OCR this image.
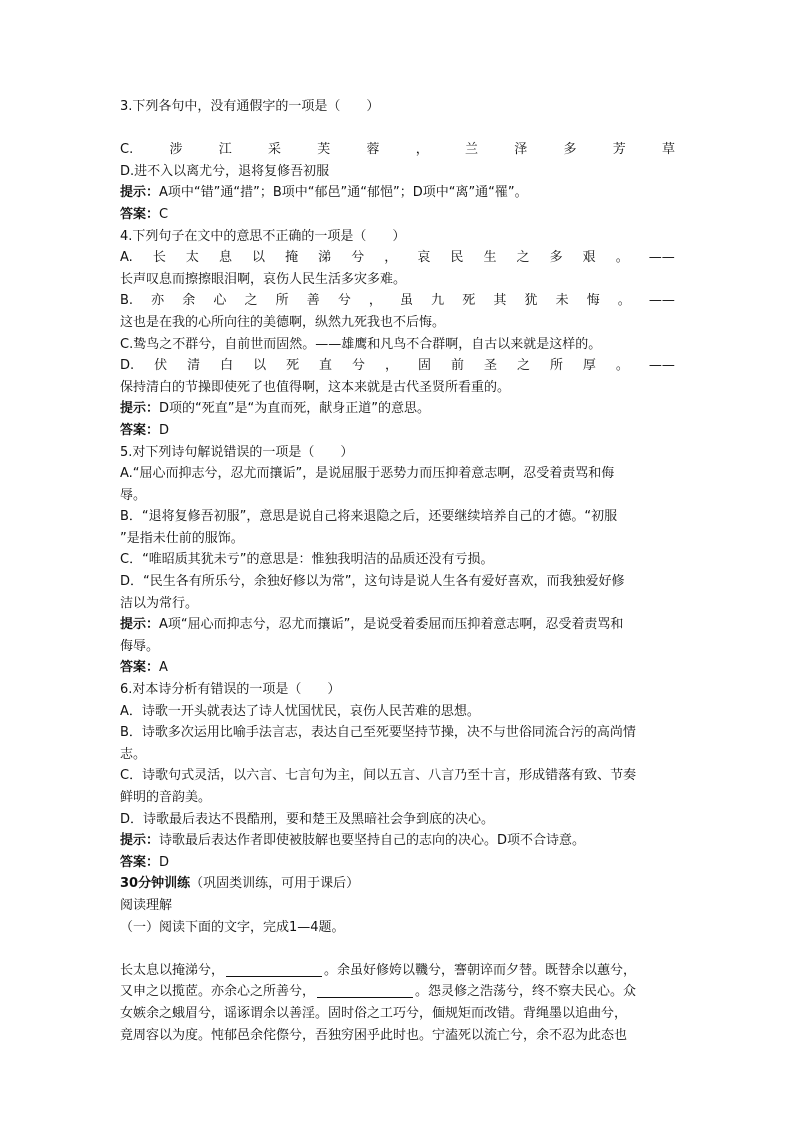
3.下列各句中，没有通假字的一项是（　　）
C.	涉	江	采	芙	蓉	，	兰	泽	多	芳	草
D.进不入以离尤兮，退将复修吾初服
提示：A项中“错”通“措”；B项中“郁邑”通“郁悒”；D项中“离”通“罹”。
答案：C
4.下列句子在文中的意思不正确的一项是（　　）
A. 长 太 息 以 掩 涕 兮 ， 哀 民 生 之 多 艰 。 ——
长声叹息而擦擦眼泪啊，哀伤人民生活多灾多难。
B. 亦 余 心 之 所 善 兮 ， 虽 九 死 其 犹 未 悔 。 ——
这也是在我的心所向往的美德啊，纵然九死我也不后悔。
C.鸷鸟之不群兮，自前世而固然。——雄鹰和凡鸟不合群啊，自古以来就是这样的。
D. 伏 清 白 以 死 直 兮 ， 固 前 圣 之 所 厚 。 ——
保持清白的节操即使死了也值得啊，这本来就是古代圣贤所看重的。
提示：D项的“死直”是“为直而死，献身正道”的意思。
答案：D
5.对下列诗句解说错误的一项是（　　）
A.“屈心而抑志兮，忍尤而攘诟”，是说屈服于恶势力而压抑着意志啊，忍受着责骂和侮
辱。
B．“退将复修吾初服”，意思是说自己将来退隐之后，还要继续培养自己的才德。“初服
”是指未仕前的服饰。
C．“唯昭质其犹未亏”的意思是：惟独我明洁的品质还没有亏损。
D．“民生各有所乐兮，余独好修以为常”，这句诗是说人生各有爱好喜欢，而我独爱好修
洁以为常行。
提示：A项“屈心而抑志兮，忍尤而攘诟”，是说受着委屈而压抑着意志啊，忍受着责骂和
侮辱。
答案：A
6.对本诗分析有错误的一项是（　　）
A．诗歌一开头就表达了诗人忧国忧民，哀伤人民苦难的思想。
B．诗歌多次运用比喻手法言志，表达自己至死要坚持节操，决不与世俗同流合污的高尚情
志。
C．诗歌句式灵活，以六言、七言句为主，间以五言、八言乃至十言，形成错落有致、节奏
鲜明的音韵美。
D．诗歌最后表达不畏酷刑，要和楚王及黑暗社会争到底的决心。
提示：诗歌最后表达作者即使被肢解也要坚持自己的志向的决心。D项不合诗意。
答案：D
30分钟训练（巩固类训练，可用于课后）
阅读理解
（一）阅读下面的文字，完成1—4题。
长太息以掩涕兮，	。余虽好修姱以鞿兮，謇朝谇而夕替。既替余以蕙兮，
又申之以揽茝。亦余心之所善兮，	。怨灵修之浩荡兮，终不察夫民心。众
女嫉余之蛾眉兮，谣诼谓余以善淫。固时俗之工巧兮，偭规矩而改错。背绳墨以追曲兮，
竟周容以为度。忳郁邑余侘傺兮，吾独穷困乎此时也。宁溘死以流亡兮，余不忍为此态也
